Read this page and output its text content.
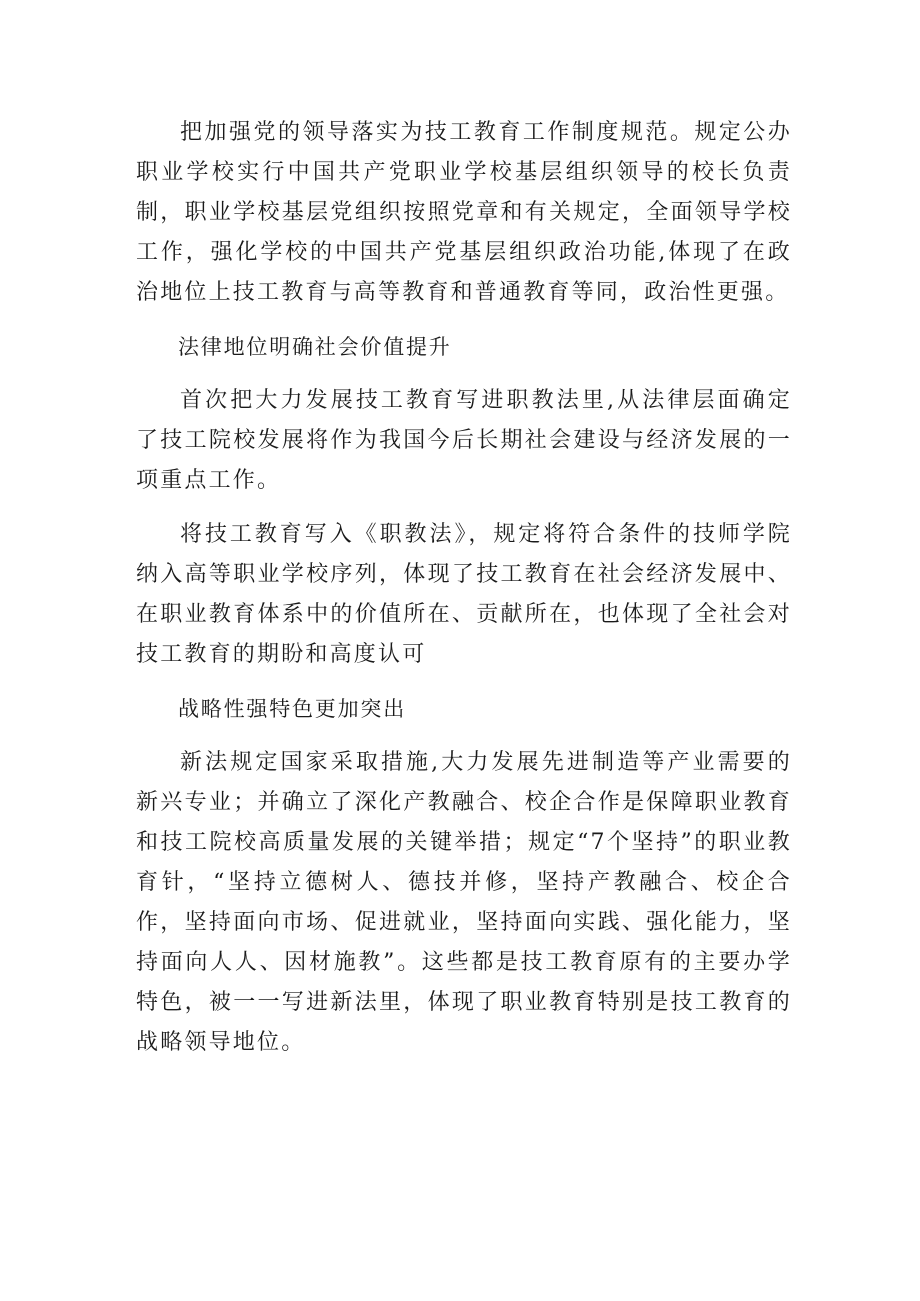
把加强党的领导落实为技工教育工作制度规范。规定公办职业学校实行中国共产党职业学校基层组织领导的校长负责制，职业学校基层党组织按照党章和有关规定，全面领导学校工作，强化学校的中国共产党基层组织政治功能,体现了在政治地位上技工教育与高等教育和普通教育等同，政治性更强。

法律地位明确社会价值提升

首次把大力发展技工教育写进职教法里,从法律层面确定了技工院校发展将作为我国今后长期社会建设与经济发展的一项重点工作。

将技工教育写入《职教法》，规定将符合条件的技师学院纳入高等职业学校序列，体现了技工教育在社会经济发展中、在职业教育体系中的价值所在、贡献所在，也体现了全社会对技工教育的期盼和高度认可

战略性强特色更加突出

新法规定国家采取措施,大力发展先进制造等产业需要的新兴专业；并确立了深化产教融合、校企合作是保障职业教育和技工院校高质量发展的关键举措；规定“7个坚持”的职业教育针，“坚持立德树人、德技并修，坚持产教融合、校企合作，坚持面向市场、促进就业，坚持面向实践、强化能力，坚持面向人人、因材施教”。这些都是技工教育原有的主要办学特色，被一一写进新法里，体现了职业教育特别是技工教育的战略领导地位。
